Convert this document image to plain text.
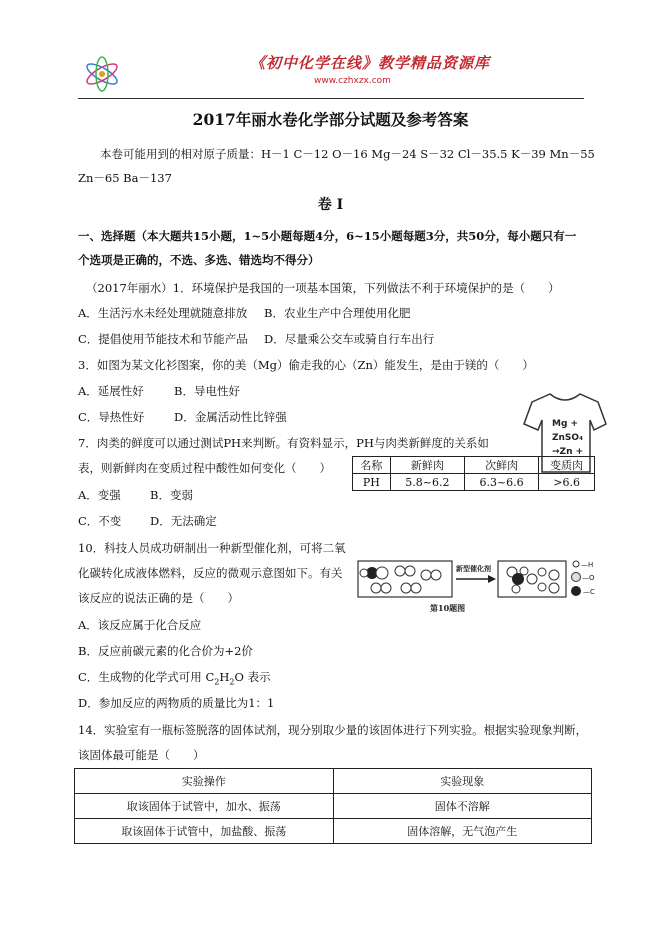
《初中化学在线》教学精品资源库
www.czhxzx.com
2017年丽水卷化学部分试题及参考答案
本卷可能用到的相对原子质量：H－1 C－12 O－16 Mg－24 S－32 Cl－35.5 K－39 Mn－55
Zn－65 Ba－137
卷 Ⅰ
一、选择题（本大题共15小题，1~5小题每题4分，6~15小题每题3分，共50分，每小题只有一
个选项是正确的，不选、多选、错选均不得分）
（2017年丽水）1．环境保护是我国的一项基本国策，下列做法不利于环境保护的是（　　）
A．生活污水未经处理就随意排放 B．农业生产中合理使用化肥
C．提倡使用节能技术和节能产品 D．尽量乘公交车或骑自行车出行
3．如图为某文化衫图案，你的美（Mg）偷走我的心（Zn）能发生，是由于镁的（　　）
A．延展性好	B．导电性好
C．导热性好	D．金属活动性比锌强	Mg +
ZnSO₄
→Zn +
7．肉类的鲜度可以通过测试PH来判断。有资料显示，PH与肉类新鲜度的关系如
表，则新鲜肉在变质过程中酸性如何变化（　　）	名称	新鲜肉	次鲜肉	变质肉
PH	5.8~6.2	6.3~6.6	>6.6
A．变强	B．变弱
C．不变 D．无法确定
10．科技人员成功研制出一种新型催化剂，可将二氧
化碳转化成液体燃料，反应的微观示意图如下。有关
该反应的说法正确的是（　　）
新型催化剂	—H
—O
—C
第10题图
A．该反应属于化合反应
B．反应前碳元素的化合价为+2价
C．生成物的化学式可用 $C_2H_2O$ 表示
D．参加反应的两物质的质量比为1：1
14．实验室有一瓶标签脱落的固体试剂，现分别取少量的该固体进行下列实验。根据实验现象判断，
该固体最可能是（　　）
实验操作	实验现象
取该固体于试管中，加水、振荡	固体不溶解
取该固体于试管中，加盐酸、振荡	固体溶解，无气泡产生
